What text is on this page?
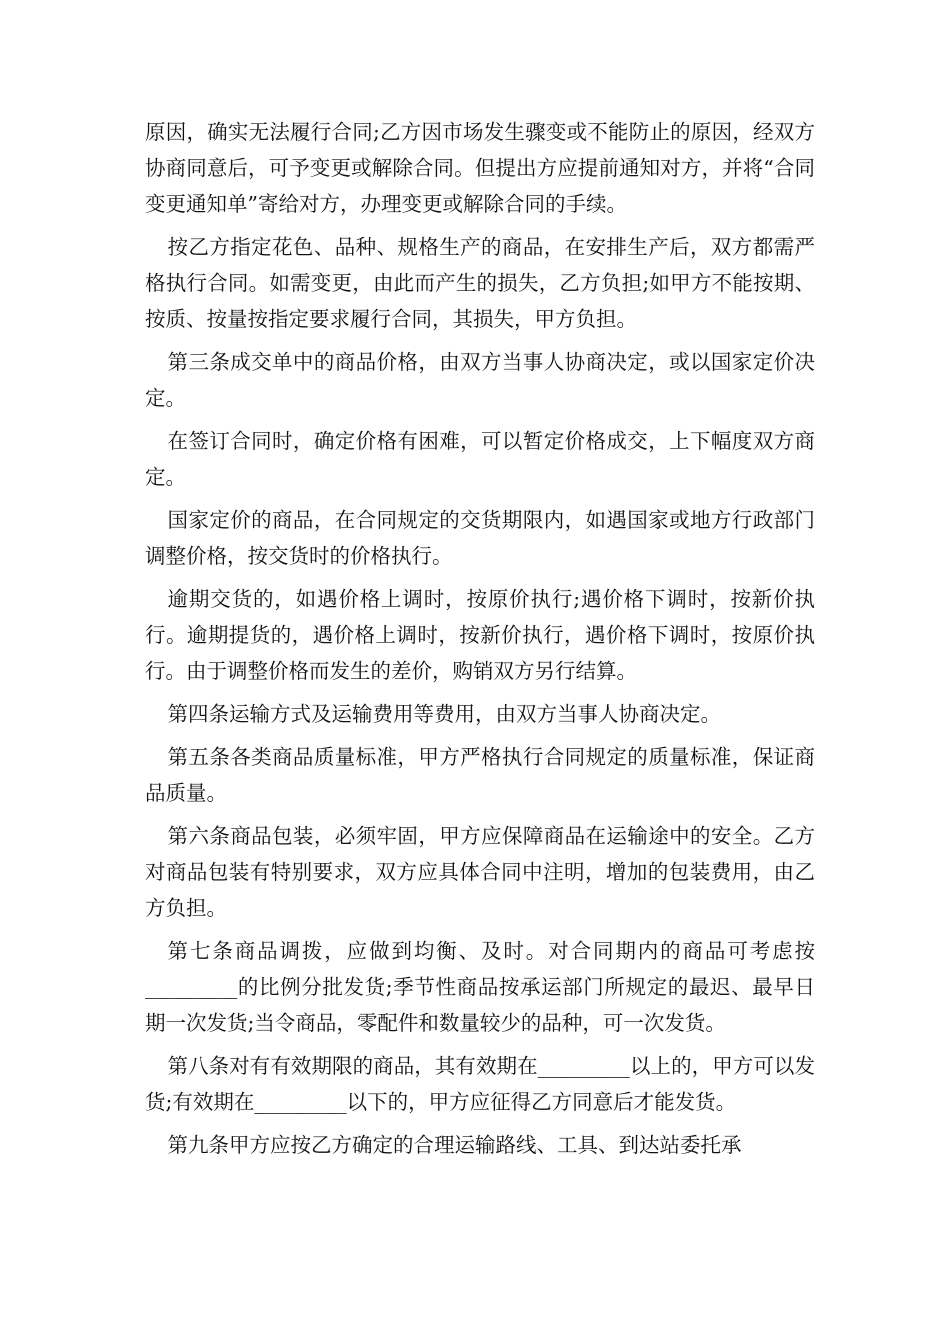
原因，确实无法履行合同;乙方因市场发生骤变或不能防止的原因，经双方协商同意后，可予变更或解除合同。但提出方应提前通知对方，并将“合同变更通知单”寄给对方，办理变更或解除合同的手续。

按乙方指定花色、品种、规格生产的商品，在安排生产后，双方都需严格执行合同。如需变更，由此而产生的损失，乙方负担;如甲方不能按期、按质、按量按指定要求履行合同，其损失，甲方负担。

第三条成交单中的商品价格，由双方当事人协商决定，或以国家定价决定。

在签订合同时，确定价格有困难，可以暂定价格成交，上下幅度双方商定。

国家定价的商品，在合同规定的交货期限内，如遇国家或地方行政部门调整价格，按交货时的价格执行。

逾期交货的，如遇价格上调时，按原价执行;遇价格下调时，按新价执行。逾期提货的，遇价格上调时，按新价执行，遇价格下调时，按原价执行。由于调整价格而发生的差价，购销双方另行结算。

第四条运输方式及运输费用等费用，由双方当事人协商决定。

第五条各类商品质量标准，甲方严格执行合同规定的质量标准，保证商品质量。

第六条商品包装，必须牢固，甲方应保障商品在运输途中的安全。乙方对商品包装有特别要求，双方应具体合同中注明，增加的包装费用，由乙方负担。

第七条商品调拨，应做到均衡、及时。对合同期内的商品可考虑按_________的比例分批发货;季节性商品按承运部门所规定的最迟、最早日期一次发货;当令商品，零配件和数量较少的品种，可一次发货。

第八条对有有效期限的商品，其有效期在_________以上的，甲方可以发货;有效期在_________以下的，甲方应征得乙方同意后才能发货。

第九条甲方应按乙方确定的合理运输路线、工具、到达站委托承
